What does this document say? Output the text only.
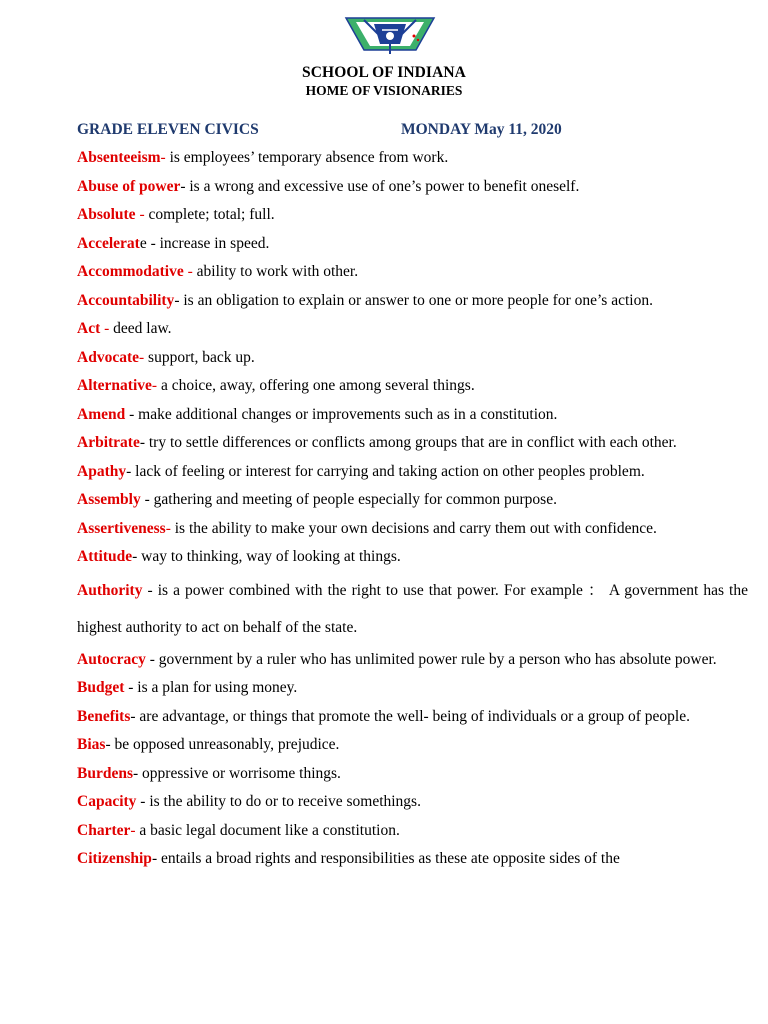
SCHOOL OF INDIANA
HOME OF VISIONARIES
GRADE ELEVEN CIVICS	MONDAY May 11, 2020
Absenteeism- is employees’ temporary absence from work.
Abuse of power- is a wrong and excessive use of one’s power to benefit oneself.
Absolute - complete; total; full.
Accelerate - increase in speed.
Accommodative - ability to work with other.
Accountability- is an obligation to explain or answer to one or more people for one’s action.
Act - deed law.
Advocate- support, back up.
Alternative- a choice, away, offering one among several things.
Amend - make additional changes or improvements such as in a constitution.
Arbitrate- try to settle differences or conflicts among groups that are in conflict with each other.
Apathy- lack of feeling or interest for carrying and taking action on other peoples problem.
Assembly - gathering and meeting of people especially for common purpose.
Assertiveness- is the ability to make your own decisions and carry them out with confidence.
Attitude- way to thinking, way of looking at things.
Authority - is a power combined with the right to use that power. For example ： A government has the highest authority to act on behalf of the state.
Autocracy - government by a ruler who has unlimited power rule by a person who has absolute power.
Budget - is a plan for using money.
Benefits- are advantage, or things that promote the well- being of individuals or a group of people.
Bias- be opposed unreasonably, prejudice.
Burdens- oppressive or worrisome things.
Capacity - is the ability to do or to receive somethings.
Charter- a basic legal document like a constitution.
Citizenship- entails a broad rights and responsibilities as these ate opposite sides of the
